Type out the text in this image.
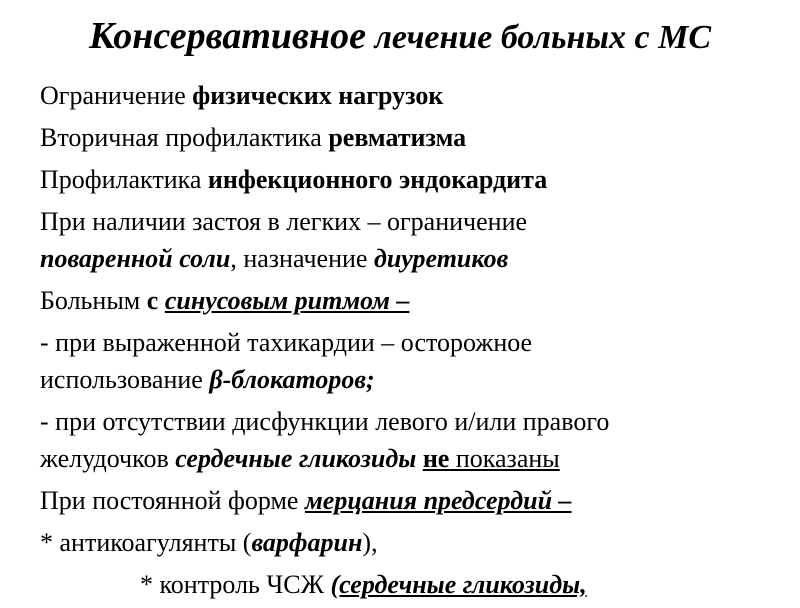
Консервативное лечение больных с МС
Ограничение физических нагрузок
Вторичная профилактика ревматизма
Профилактика инфекционного эндокардита
При наличии застоя в легких – ограничение
поваренной соли, назначение диуретиков
Больным с синусовым ритмом –
- при выраженной тахикардии – осторожное
использование β-блокаторов;
- при отсутствии дисфункции левого и/или правого
желудочков сердечные гликозиды не показаны
При постоянной форме мерцания предсердий –
* антикоагулянты (варфарин),
* контроль ЧСЖ (сердечные гликозиды,
